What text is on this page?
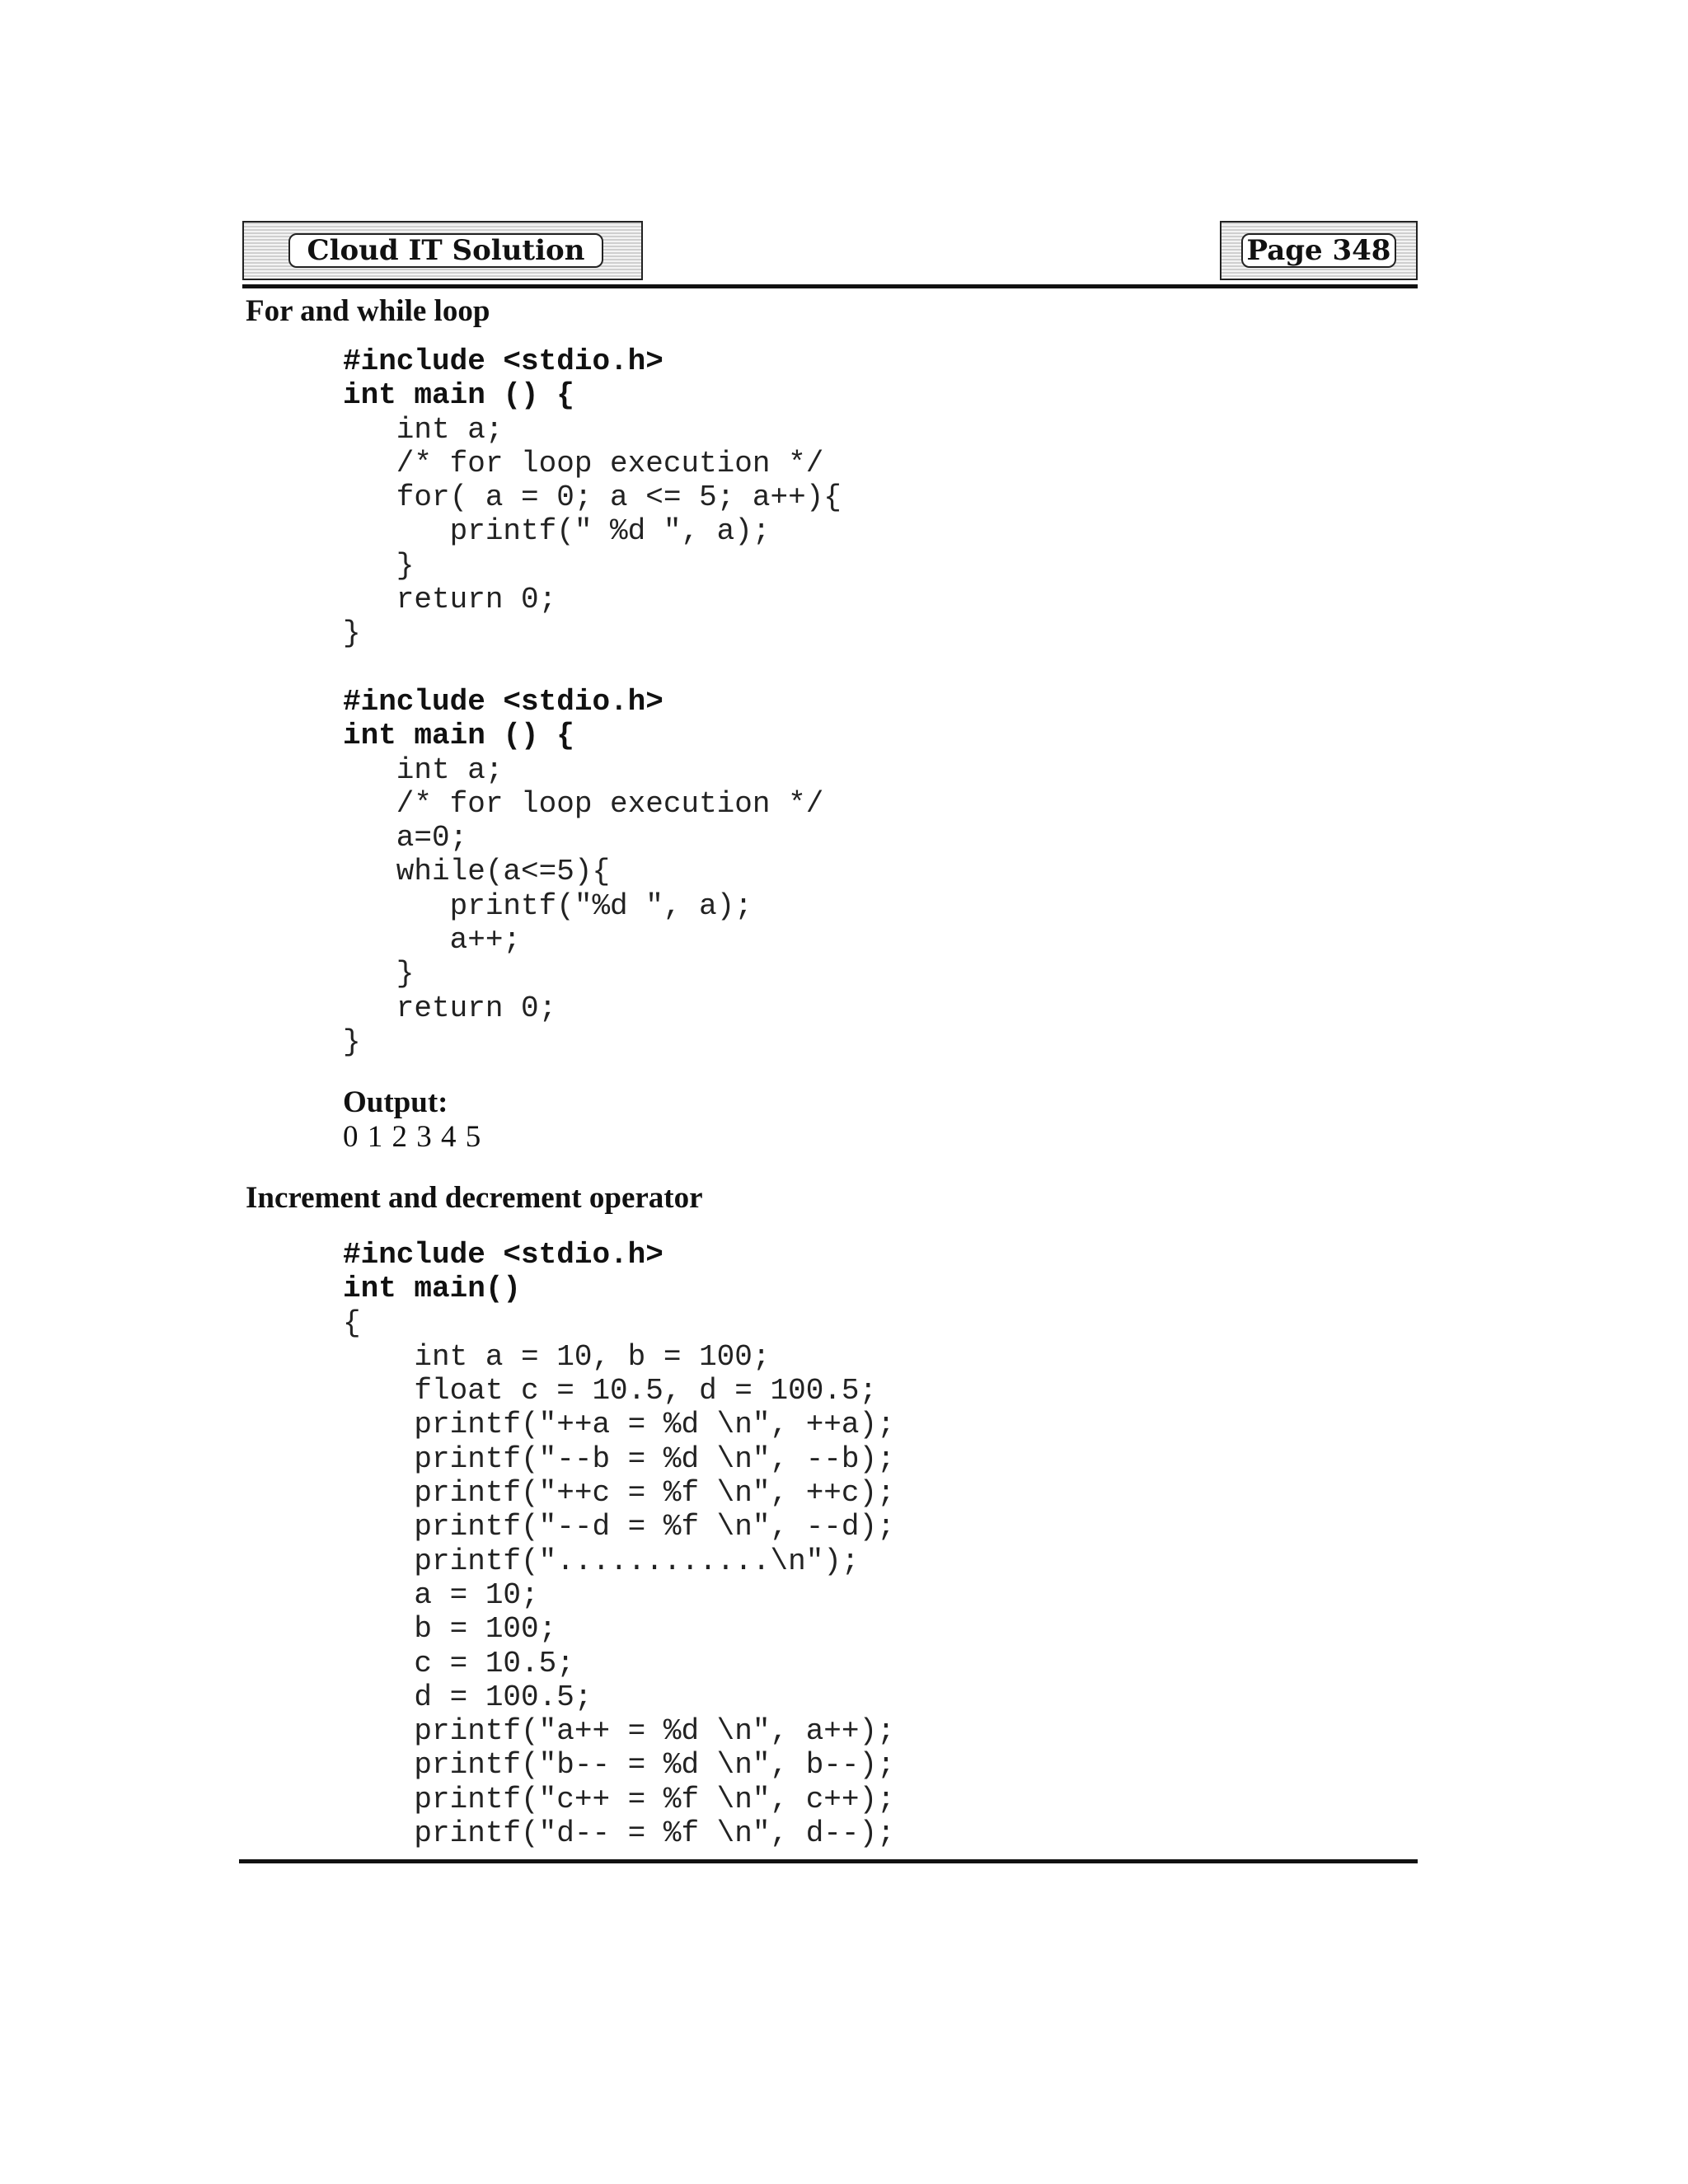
Cloud IT Solution	Page 348
For and while loop
#include <stdio.h>
int main () {
int a;
/* for loop execution */
for( a = 0; a <= 5; a++){
printf(" %d ", a);
}
return 0;
}
#include <stdio.h>
int main () {
int a;
/* for loop execution */
a=0;
while(a<=5){
printf("%d ", a);
a++;
}
return 0;
}
Output:
0 1 2 3 4 5
Increment and decrement operator
#include <stdio.h>
int main()
{
int a = 10, b = 100;
float c = 10.5, d = 100.5;
printf("++a = %d \n", ++a);
printf("--b = %d \n", --b);
printf("++c = %f \n", ++c);
printf("--d = %f \n", --d);
printf("............\n");
a = 10;
b = 100;
c = 10.5;
d = 100.5;
printf("a++ = %d \n", a++);
printf("b-- = %d \n", b--);
printf("c++ = %f \n", c++);
printf("d-- = %f \n", d--);
